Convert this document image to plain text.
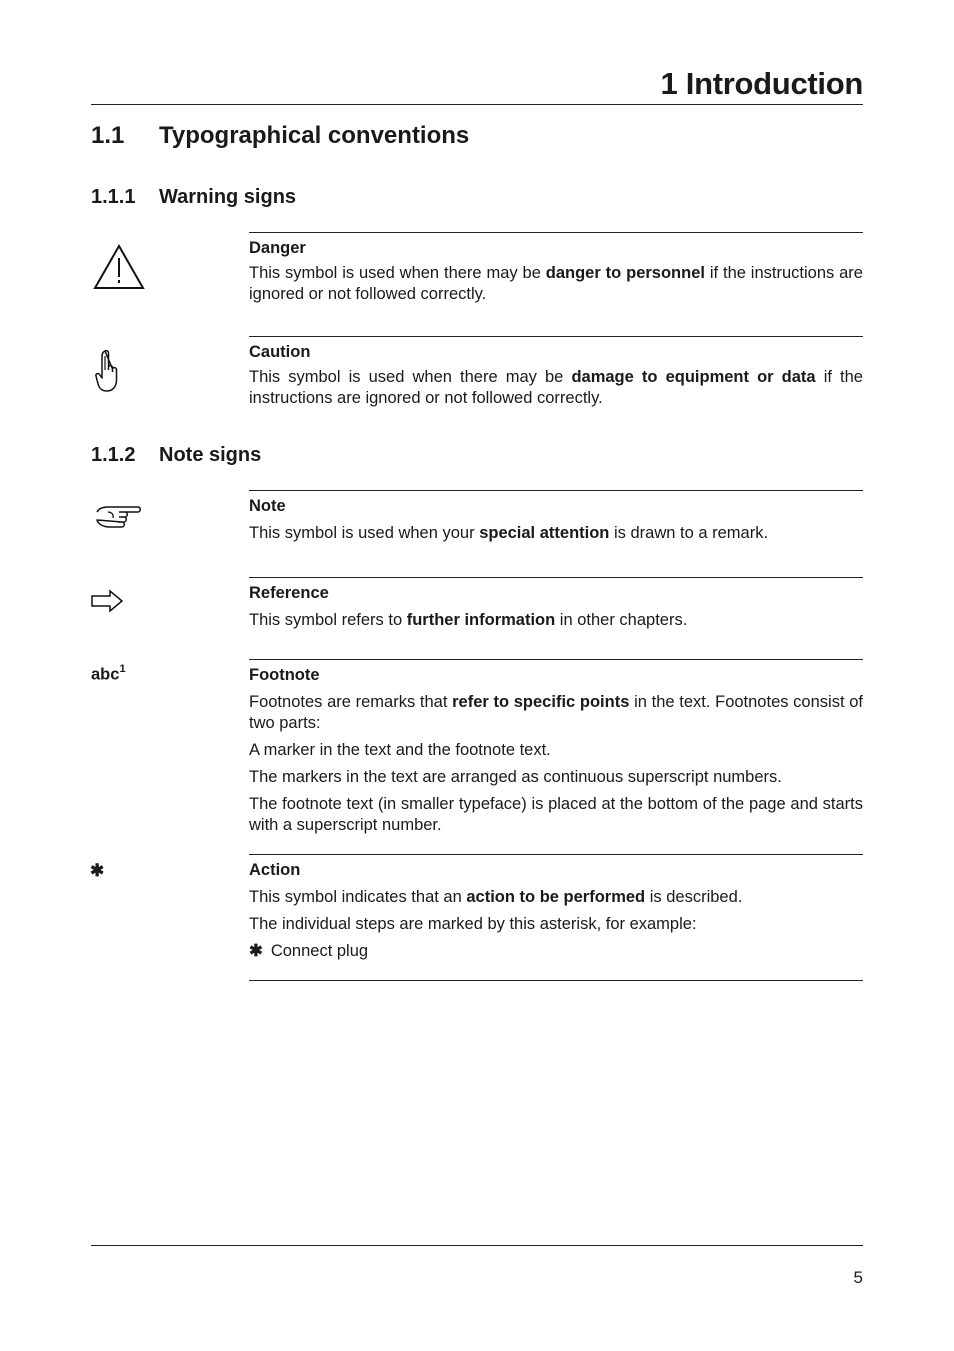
1 Introduction
1.1 Typographical conventions
1.1.1 Warning signs

Danger

This symbol is used when there may be danger to personnel if the instructions are ignored or not followed correctly.

Caution

This symbol is used when there may be damage to equipment or data if the instructions are ignored or not followed correctly.

1.1.2 Note signs

Note

This symbol is used when your special attention is drawn to a remark.

Reference

This symbol refers to further information in other chapters.

abc$^1$	Footnote

Footnotes are remarks that refer to specific points in the text. Footnotes consist of two parts:

A marker in the text and the footnote text.

The markers in the text are arranged as continuous superscript numbers.

The footnote text (in smaller typeface) is placed at the bottom of the page and starts with a superscript number.

✱	Action

This symbol indicates that an action to be performed is described.

The individual steps are marked by this asterisk, for example:

✱ Connect plug

5
